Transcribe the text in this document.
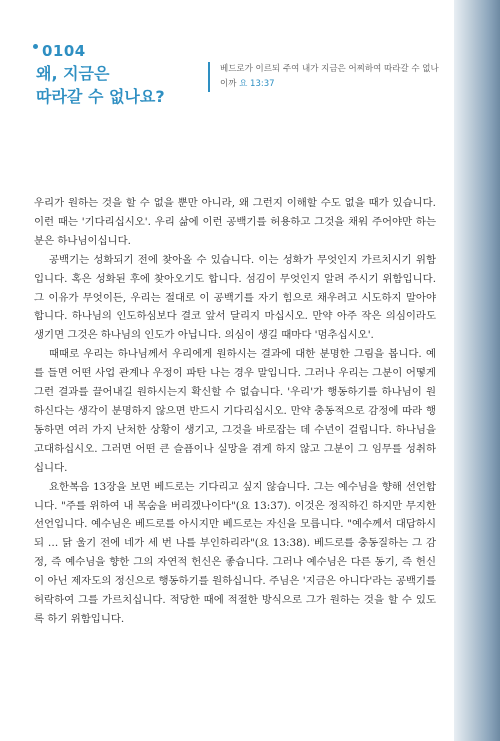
0104
왜, 지금은
따라갈 수 없나요?
베드로가 이르되 주여 내가 지금은 어찌하여 따라갈 수 없나이까 요 13:37

우리가 원하는 것을 할 수 없을 뿐만 아니라, 왜 그런지 이해할 수도 없을 때가 있습니다. 이런 때는 '기다리십시오'. 우리 삶에 이런 공백기를 허용하고 그것을 채워 주어야만 하는 분은 하나님이십니다.

공백기는 성화되기 전에 찾아올 수 있습니다. 이는 성화가 무엇인지 가르치시기 위함입니다. 혹은 성화된 후에 찾아오기도 합니다. 섬김이 무엇인지 알려 주시기 위함입니다. 그 이유가 무엇이든, 우리는 절대로 이 공백기를 자기 힘으로 채우려고 시도하지 말아야 합니다. 하나님의 인도하심보다 결코 앞서 달리지 마십시오. 만약 아주 작은 의심이라도 생기면 그것은 하나님의 인도가 아닙니다. 의심이 생길 때마다 '멈추십시오'.

때때로 우리는 하나님께서 우리에게 원하시는 결과에 대한 분명한 그림을 봅니다. 예를 들면 어떤 사업 관계나 우정이 파탄 나는 경우 말입니다. 그러나 우리는 그분이 어떻게 그런 결과를 끌어내길 원하시는지 확신할 수 없습니다. '우리'가 행동하기를 하나님이 원하신다는 생각이 분명하지 않으면 반드시 기다리십시오. 만약 충동적으로 감정에 따라 행동하면 여러 가지 난처한 상황이 생기고, 그것을 바로잡는 데 수년이 걸립니다. 하나님을 고대하십시오. 그러면 어떤 큰 슬픔이나 실망을 겪게 하지 않고 그분이 그 임무를 성취하십니다.

요한복음 13장을 보면 베드로는 기다리고 싶지 않습니다. 그는 예수님을 향해 선언합니다. "주를 위하여 내 목숨을 버리겠나이다"(요 13:37). 이것은 정직하긴 하지만 무지한 선언입니다. 예수님은 베드로를 아시지만 베드로는 자신을 모릅니다. "예수께서 대답하시되 … 닭 울기 전에 네가 세 번 나를 부인하리라"(요 13:38). 베드로를 충동질하는 그 감정, 즉 예수님을 향한 그의 자연적 헌신은 좋습니다. 그러나 예수님은 다른 동기, 즉 헌신이 아닌 제자도의 정신으로 행동하기를 원하십니다. 주님은 '지금은 아니다'라는 공백기를 허락하여 그를 가르치십니다. 적당한 때에 적절한 방식으로 그가 원하는 것을 할 수 있도록 하기 위함입니다.
